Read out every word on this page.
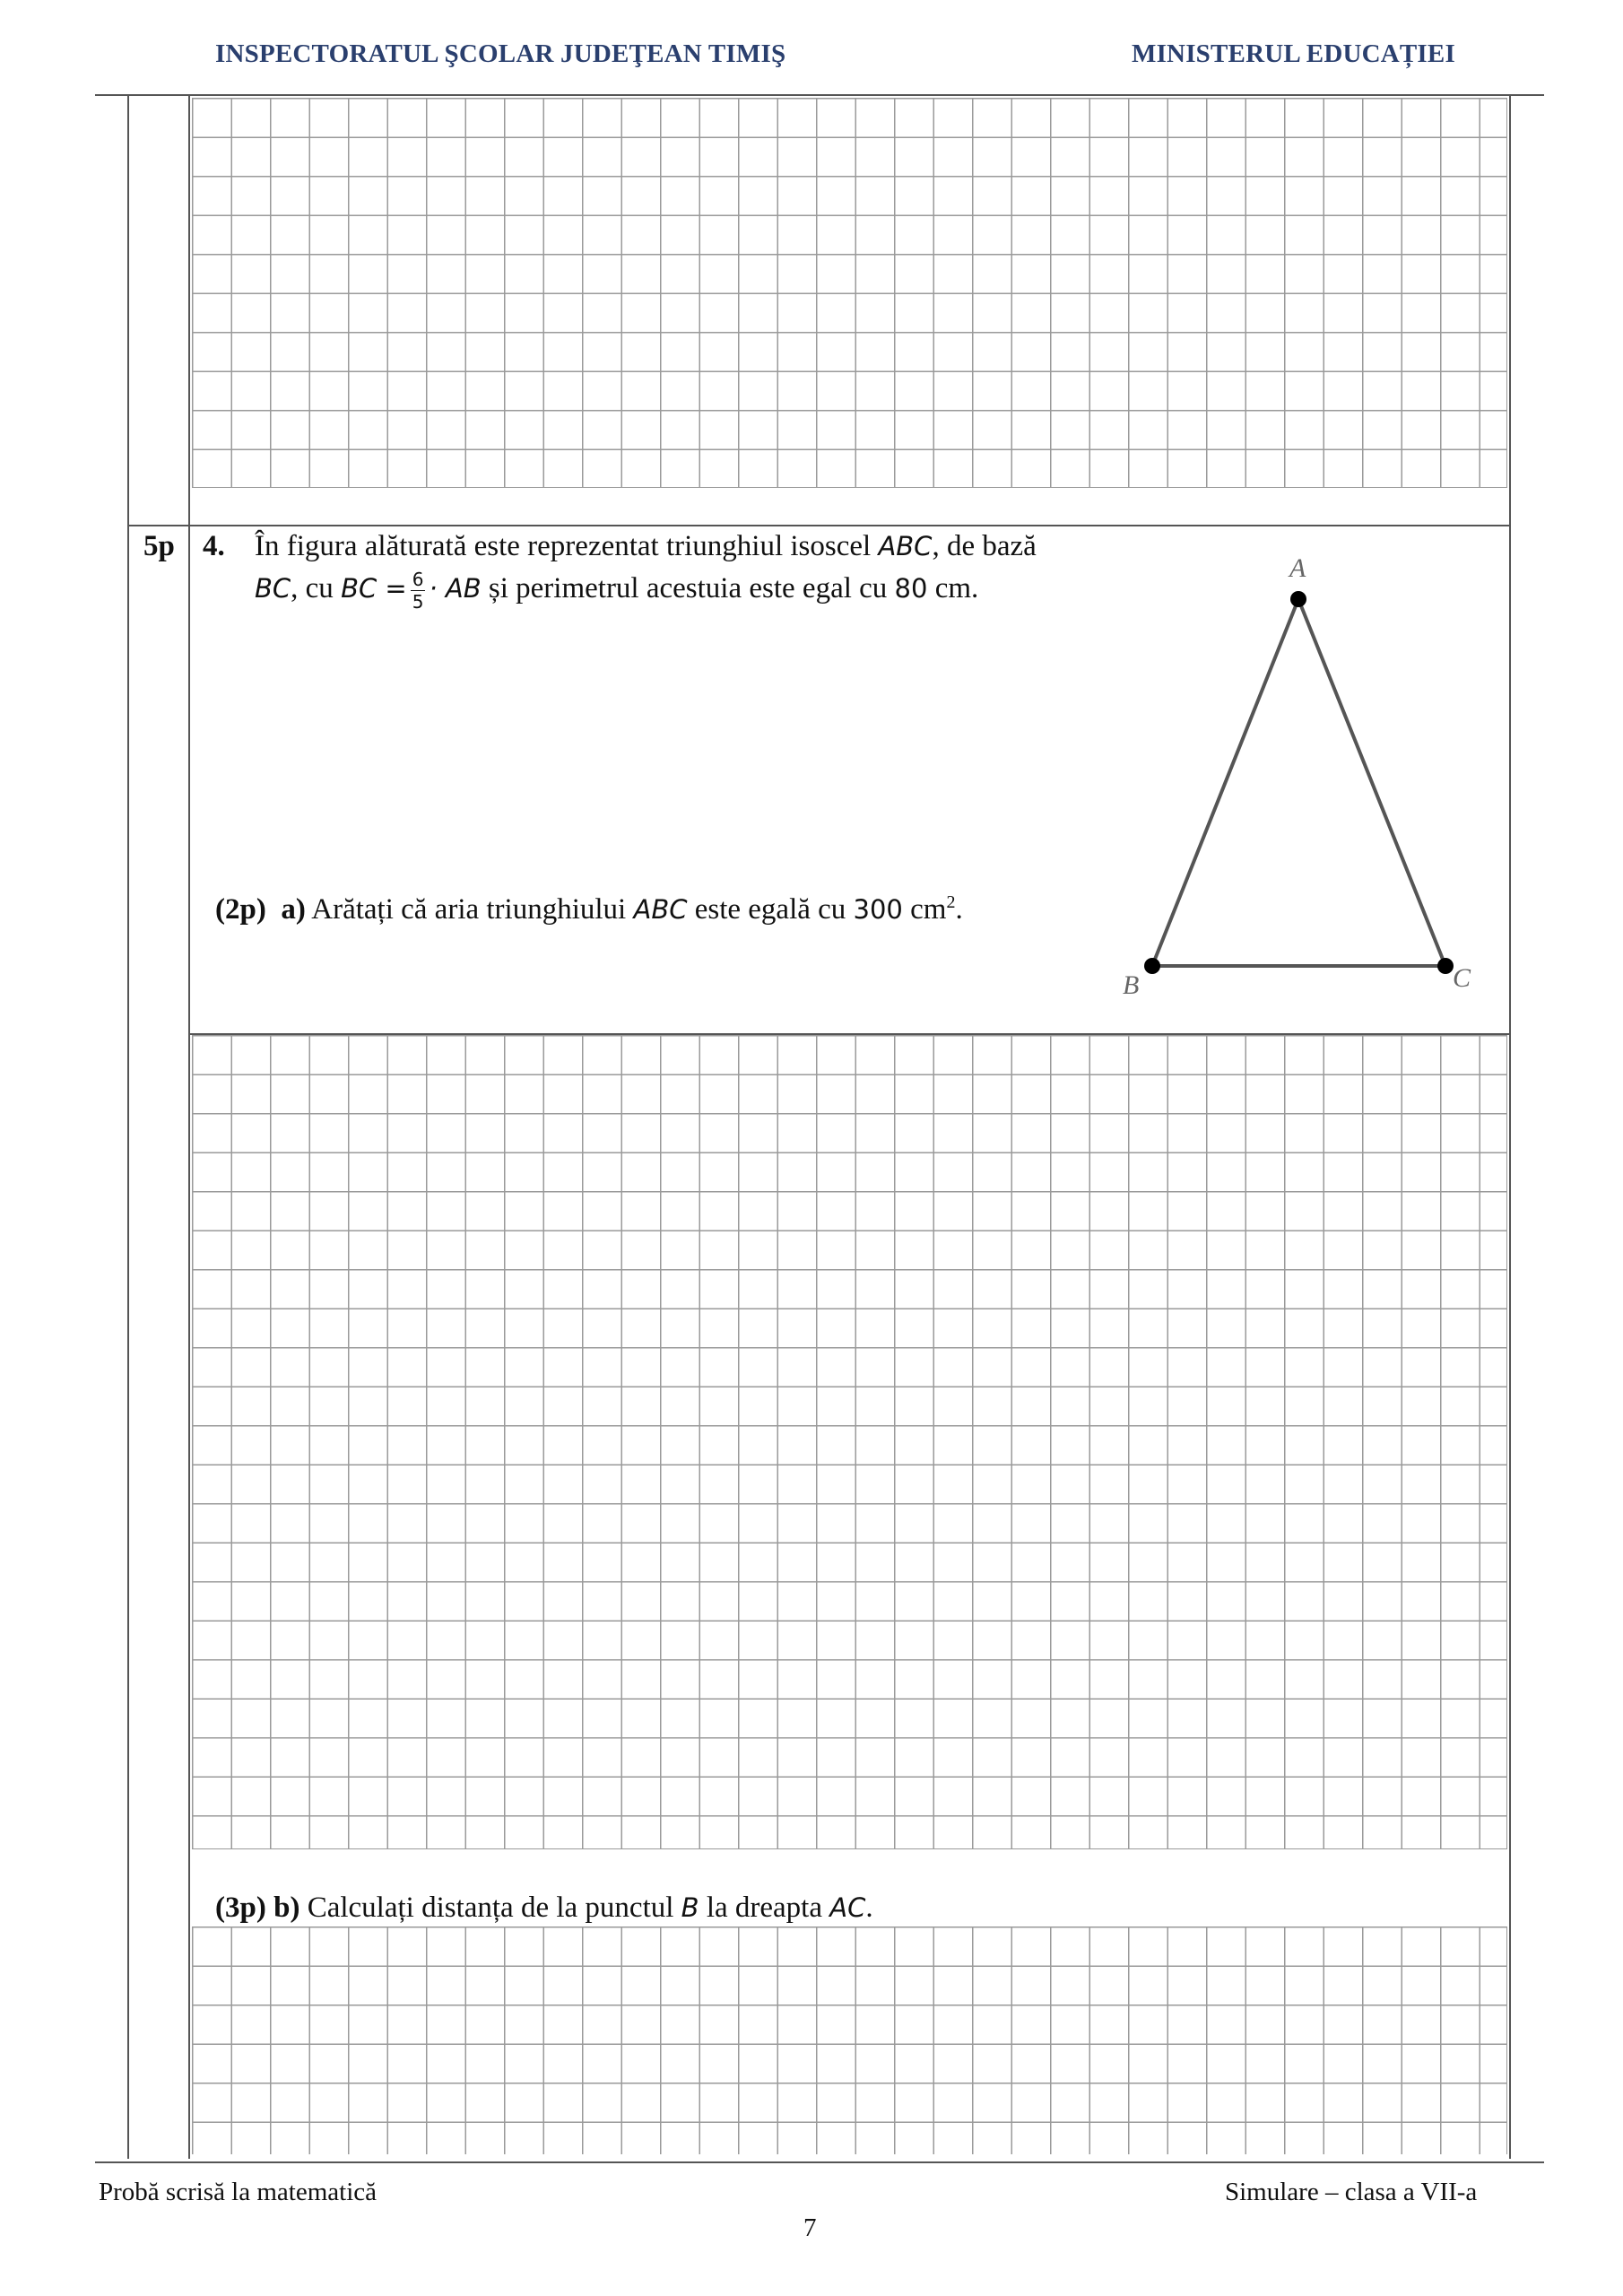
INSPECTORATUL ŞCOLAR JUDEŢEAN TIMIŞ	MINISTERUL EDUCAȚIEI
5p 4. În figura alăturată este reprezentat triunghiul isoscel ABC, de bază
BC, cu BC = $\frac{6}{5}$ · AB și perimetrul acestuia este egal cu 80 cm.
(2p) a) Arătați că aria triunghiului ABC este egală cu 300 $cm^2$.
A
B	C
(3p) b) Calculați distanța de la punctul B la dreapta AC.
Probă scrisă la matematică	Simulare – clasa a VII-a
7
